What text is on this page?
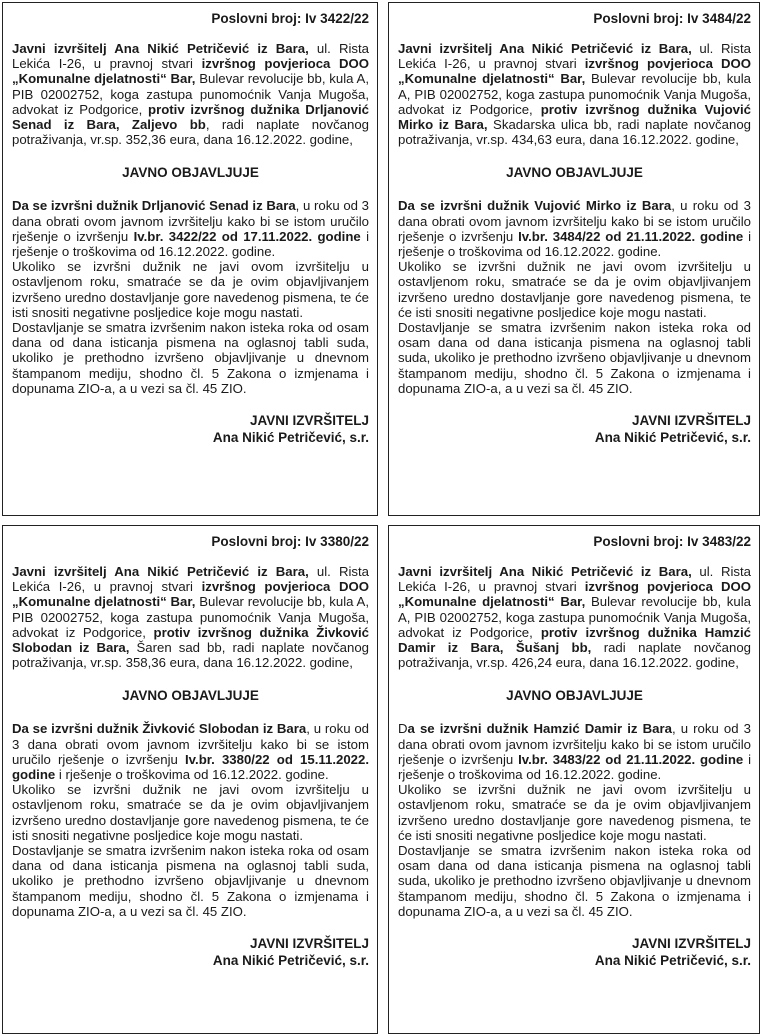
Poslovni broj: Iv 3422/22

Javni izvršitelj Ana Nikić Petričević iz Bara, ul. Rista Lekića I-26, u pravnoj stvari izvršnog povjerioca DOO „Komunalne djelatnosti“ Bar, Bulevar revolucije bb, kula A, PIB 02002752, koga zastupa punomoćnik Vanja Mugoša, advokat iz Podgorice, protiv izvršnog dužnika Drljanović Senad iz Bara, Zaljevo bb, radi naplate novčanog potraživanja, vr.sp. 352,36 eura, dana 16.12.2022. godine,

JAVNO OBJAVLJUJE

Da se izvršni dužnik Drljanović Senad iz Bara, u roku od 3 dana obrati ovom javnom izvršitelju kako bi se istom uručilo rješenje o izvršenju Iv.br. 3422/22 od 17.11.2022. godine i rješenje o troškovima od 16.12.2022. godine.

Ukoliko se izvršni dužnik ne javi ovom izvršitelju u ostavljenom roku, smatraće se da je ovim objavljivanjem izvršeno uredno dostavljanje gore navedenog pismena, te će isti snositi negativne posljedice koje mogu nastati.

Dostavljanje se smatra izvršenim nakon isteka roka od osam dana od dana isticanja pismena na oglasnoj tabli suda, ukoliko je prethodno izvršeno objavljivanje u dnevnom štampanom mediju, shodno čl. 5 Zakona o izmjenama i dopunama ZIO-a, a u vezi sa čl. 45 ZIO.

JAVNI IZVRŠITELJ
Ana Nikić Petričević, s.r.
Poslovni broj: Iv 3484/22

Javni izvršitelj Ana Nikić Petričević iz Bara, ul. Rista Lekića I-26, u pravnoj stvari izvršnog povjerioca DOO „Komunalne djelatnosti“ Bar, Bulevar revolucije bb, kula A, PIB 02002752, koga zastupa punomoćnik Vanja Mugoša, advokat iz Podgorice, protiv izvršnog dužnika Vujović Mirko iz Bara, Skadarska ulica bb, radi naplate novčanog potraživanja, vr.sp. 434,63 eura, dana 16.12.2022. godine,

JAVNO OBJAVLJUJE

Da se izvršni dužnik Vujović Mirko iz Bara, u roku od 3 dana obrati ovom javnom izvršitelju kako bi se istom uručilo rješenje o izvršenju Iv.br. 3484/22 od 21.11.2022. godine i rješenje o troškovima od 16.12.2022. godine.

Ukoliko se izvršni dužnik ne javi ovom izvršitelju u ostavljenom roku, smatraće se da je ovim objavljivanjem izvršeno uredno dostavljanje gore navedenog pismena, te će isti snositi negativne posljedice koje mogu nastati.

Dostavljanje se smatra izvršenim nakon isteka roka od osam dana od dana isticanja pismena na oglasnoj tabli suda, ukoliko je prethodno izvršeno objavljivanje u dnevnom štampanom mediju, shodno čl. 5 Zakona o izmjenama i dopunama ZIO-a, a u vezi sa čl. 45 ZIO.

JAVNI IZVRŠITELJ
Ana Nikić Petričević, s.r.
Poslovni broj: Iv 3380/22

Javni izvršitelj Ana Nikić Petričević iz Bara, ul. Rista Lekića I-26, u pravnoj stvari izvršnog povjerioca DOO „Komunalne djelatnosti“ Bar, Bulevar revolucije bb, kula A, PIB 02002752, koga zastupa punomoćnik Vanja Mugoša, advokat iz Podgorice, protiv izvršnog dužnika Živković Slobodan iz Bara, Šaren sad bb, radi naplate novčanog potraživanja, vr.sp. 358,36 eura, dana 16.12.2022. godine,

JAVNO OBJAVLJUJE

Da se izvršni dužnik Živković Slobodan iz Bara, u roku od 3 dana obrati ovom javnom izvršitelju kako bi se istom uručilo rješenje o izvršenju Iv.br. 3380/22 od 15.11.2022. godine i rješenje o troškovima od 16.12.2022. godine.

Ukoliko se izvršni dužnik ne javi ovom izvršitelju u ostavljenom roku, smatraće se da je ovim objavljivanjem izvršeno uredno dostavljanje gore navedenog pismena, te će isti snositi negativne posljedice koje mogu nastati.

Dostavljanje se smatra izvršenim nakon isteka roka od osam dana od dana isticanja pismena na oglasnoj tabli suda, ukoliko je prethodno izvršeno objavljivanje u dnevnom štampanom mediju, shodno čl. 5 Zakona o izmjenama i dopunama ZIO-a, a u vezi sa čl. 45 ZIO.

JAVNI IZVRŠITELJ
Ana Nikić Petričević, s.r.
Poslovni broj: Iv 3483/22

Javni izvršitelj Ana Nikić Petričević iz Bara, ul. Rista Lekića I-26, u pravnoj stvari izvršnog povjerioca DOO „Komunalne djelatnosti“ Bar, Bulevar revolucije bb, kula A, PIB 02002752, koga zastupa punomoćnik Vanja Mugoša, advokat iz Podgorice, protiv izvršnog dužnika Hamzić Damir iz Bara, Šušanj bb, radi naplate novčanog potraživanja, vr.sp. 426,24 eura, dana 16.12.2022. godine,

JAVNO OBJAVLJUJE

Da se izvršni dužnik Hamzić Damir iz Bara, u roku od 3 dana obrati ovom javnom izvršitelju kako bi se istom uručilo rješenje o izvršenju Iv.br. 3483/22 od 21.11.2022. godine i rješenje o troškovima od 16.12.2022. godine.

Ukoliko se izvršni dužnik ne javi ovom izvršitelju u ostavljenom roku, smatraće se da je ovim objavljivanjem izvršeno uredno dostavljanje gore navedenog pismena, te će isti snositi negativne posljedice koje mogu nastati.

Dostavljanje se smatra izvršenim nakon isteka roka od osam dana od dana isticanja pismena na oglasnoj tabli suda, ukoliko je prethodno izvršeno objavljivanje u dnevnom štampanom mediju, shodno čl. 5 Zakona o izmjenama i dopunama ZIO-a, a u vezi sa čl. 45 ZIO.

JAVNI IZVRŠITELJ
Ana Nikić Petričević, s.r.
